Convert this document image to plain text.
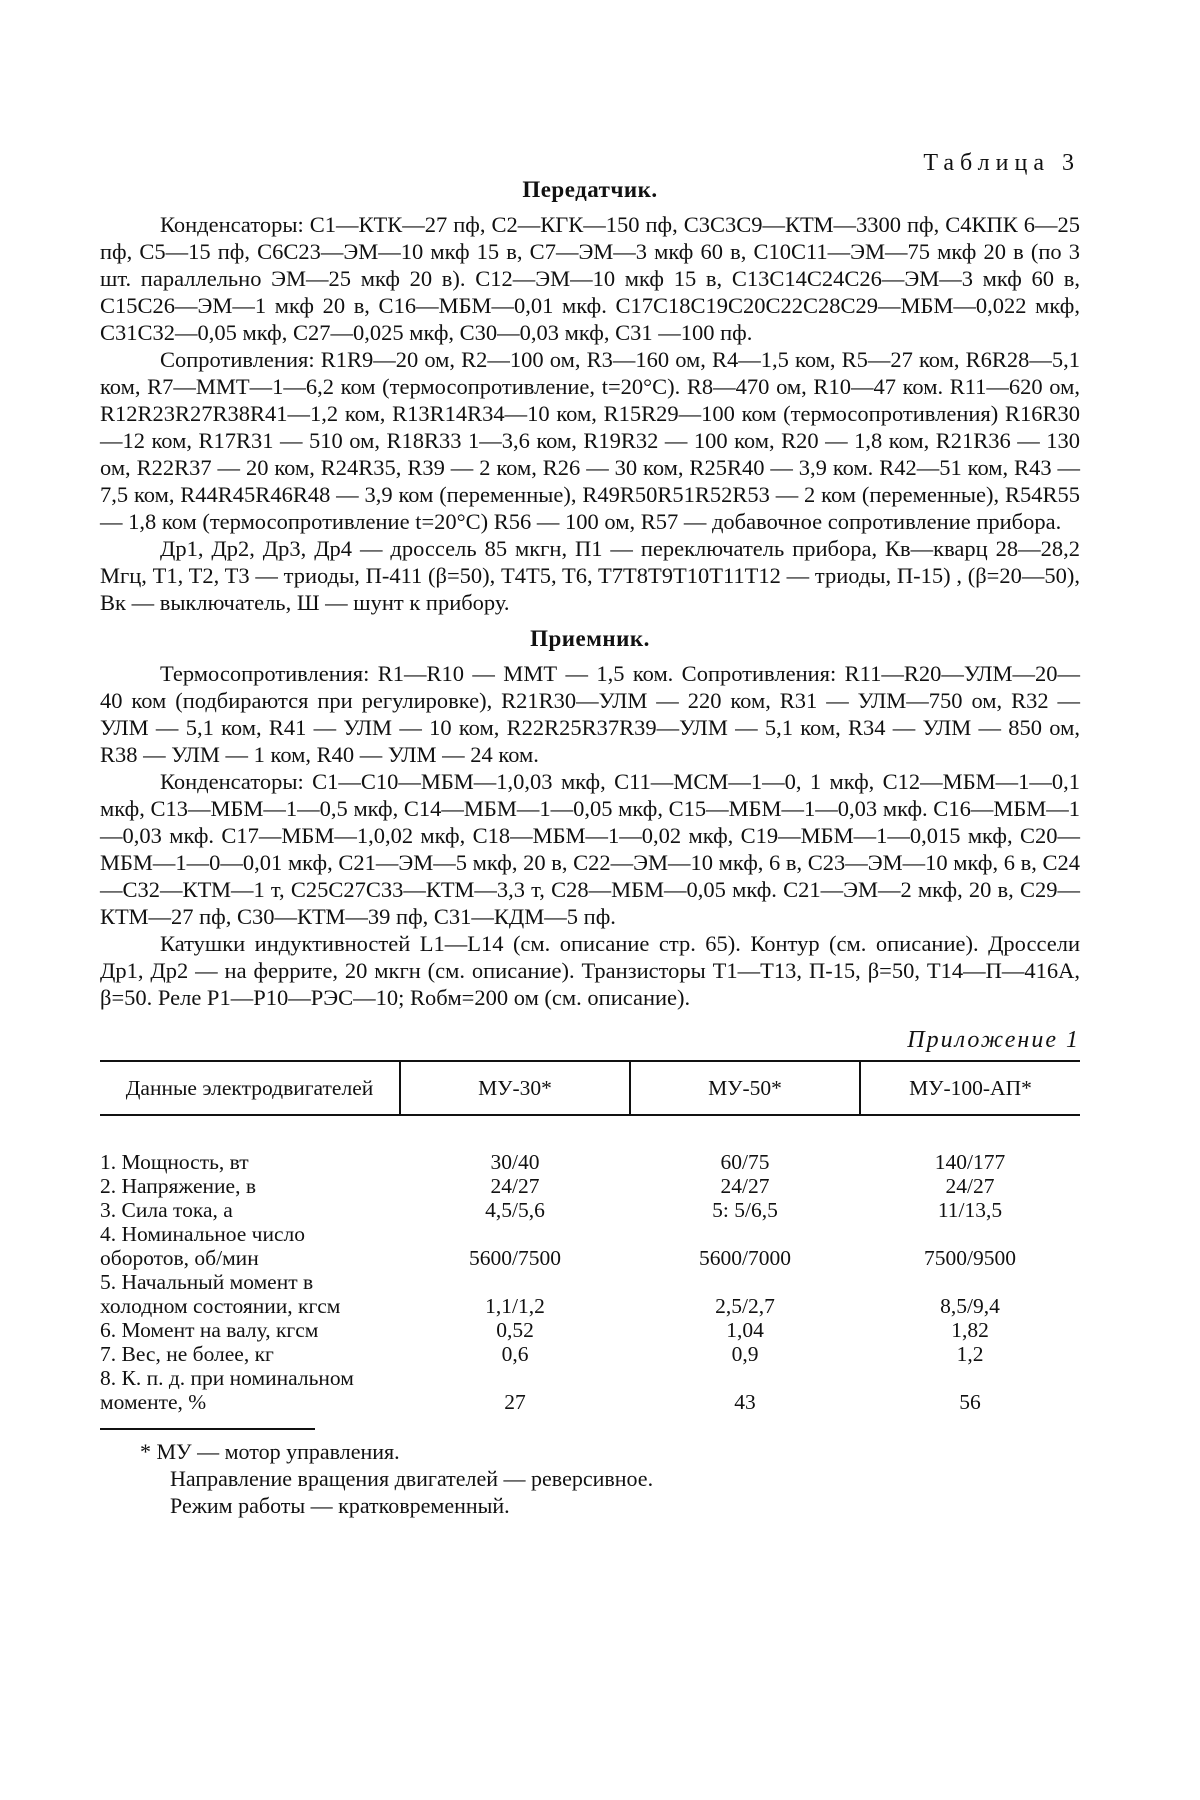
Таблица 3

Передатчик.

Конденсаторы: C1—КТК—27 пф, C2—КГК—150 пф, C3C3C9—КТМ—3300 пф, C4КПК 6—25 пф, C5—15 пф, C6C23—ЭМ—10 мкф 15 в, C7—ЭМ—3 мкф 60 в, C10C11—ЭМ—75 мкф 20 в (по 3 шт. параллельно ЭМ—25 мкф 20 в). C12—ЭМ—10 мкф 15 в, C13C14C24C26—ЭМ—3 мкф 60 в, C15C26—ЭМ—1 мкф 20 в, C16—МБМ—0,01 мкф. C17C18C19C20C22C28C29—МБМ—0,022 мкф, C31C32—0,05 мкф, C27—0,025 мкф, C30—0,03 мкф, C31 —100 пф.

Сопротивления: R1R9—20 ом, R2—100 ом, R3—160 ом, R4—1,5 ком, R5—27 ком, R6R28—5,1 ком, R7—ММТ—1—6,2 ком (термосопротивление, t=20°C). R8—470 ом, R10—47 ком. R11—620 ом, R12R23R27R38R41—1,2 ком, R13R14R34—10 ком, R15R29—100 ком (термосопротивления) R16R30—12 ком, R17R31 — 510 ом, R18R33 1—3,6 ком, R19R32 — 100 ком, R20 — 1,8 ком, R21R36 — 130 ом, R22R37 — 20 ком, R24R35, R39 — 2 ком, R26 — 30 ком, R25R40 — 3,9 ком. R42—51 ком, R43 — 7,5 ком, R44R45R46R48 — 3,9 ком (переменные), R49R50R51R52R53 — 2 ком (переменные), R54R55 — 1,8 ком (термосопротивление t=20°C) R56 — 100 ом, R57 — добавочное сопротивление прибора.

Др1, Др2, Др3, Др4 — дроссель 85 мкгн, П1 — переключатель прибора, Кв—кварц 28—28,2 Мгц, T1, T2, T3 — триоды, П-411 (β=50), T4T5, T6, T7T8T9T10T11T12 — триоды, П-15) , (β=20—50), Вк — выключатель, Ш — шунт к прибору.

Приемник.

Термосопротивления: R1—R10 — ММТ — 1,5 ком. Сопротивления: R11—R20—УЛМ—20—40 ком (подбираются при регулировке), R21R30—УЛМ — 220 ком, R31 — УЛМ—750 ом, R32 — УЛМ — 5,1 ком, R41 — УЛМ — 10 ком, R22R25R37R39—УЛМ — 5,1 ком, R34 — УЛМ — 850 ом, R38 — УЛМ — 1 ком, R40 — УЛМ — 24 ком.

Конденсаторы: C1—C10—МБМ—1,0,03 мкф, C11—МСМ—1—0, 1 мкф, C12—МБМ—1—0,1 мкф, C13—МБМ—1—0,5 мкф, C14—МБМ—1—0,05 мкф, C15—МБМ—1—0,03 мкф. C16—МБМ—1—0,03 мкф. C17—МБМ—1,0,02 мкф, C18—МБМ—1—0,02 мкф, C19—МБМ—1—0,015 мкф, C20—МБМ—1—0—0,01 мкф, C21—ЭМ—5 мкф, 20 в, C22—ЭМ—10 мкф, 6 в, C23—ЭМ—10 мкф, 6 в, C24—C32—КТМ—1 т, C25C27C33—КТМ—3,3 т, C28—МБМ—0,05 мкф. C21—ЭМ—2 мкф, 20 в, C29—КТМ—27 пф, C30—КТМ—39 пф, C31—КДМ—5 пф.

Катушки индуктивностей L1—L14 (см. описание стр. 65). Контур (см. описание). Дроссели Др1, Др2 — на феррите, 20 мкгн (см. описание). Транзисторы T1—T13, П-15, β=50, T14—П—416А, β=50. Реле P1—P10—РЭС—10; Rобм=200 ом (см. описание).

Приложение 1

Данные электродвигателей	МУ-30*	МУ-50*	МУ-100-АП*
1. Мощность, вт	30/40	60/75	140/177
2. Напряжение, в	24/27	24/27	24/27
3. Сила тока, а	4,5/5,6	5: 5/6,5	11/13,5
4. Номинальное число оборотов, об/мин	5600/7500	5600/7000	7500/9500
5. Начальный момент в холодном состоянии, кгсм	1,1/1,2	2,5/2,7	8,5/9,4
6. Момент на валу, кгсм	0,52	1,04	1,82
7. Вес, не более, кг	0,6	0,9	1,2
8. К. п. д. при номинальном моменте, %	27	43	56

* МУ — мотор управления.

Направление вращения двигателей — реверсивное.

Режим работы — кратковременный.
